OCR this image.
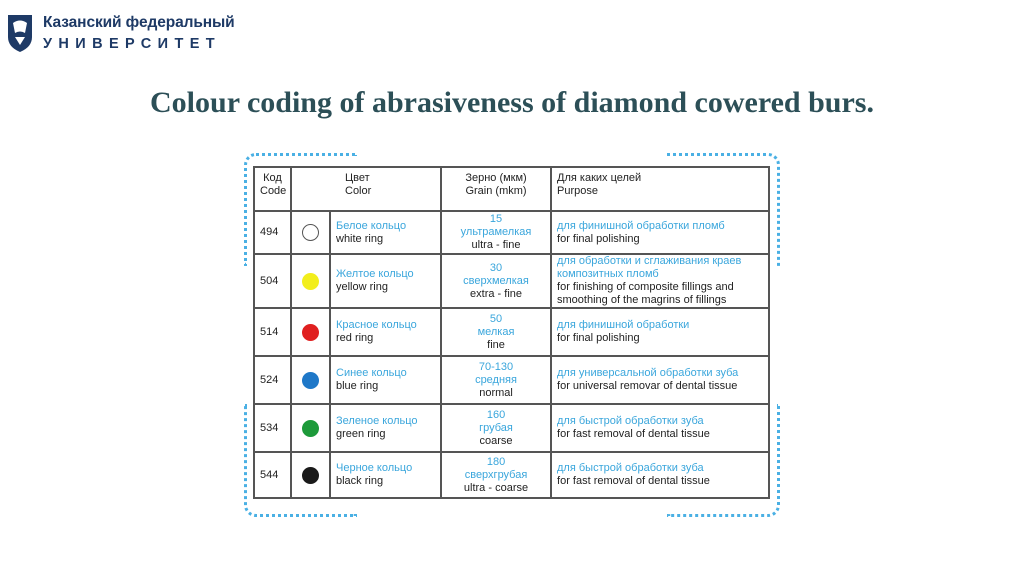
Казанский федеральный
УНИВЕРСИТЕТ
Colour coding of abrasiveness of diamond cowered burs.
Код
Code	Цвет
Color		Зерно (мкм)
Grain (mkm)	Для каких целей
Purpose

494		Белое кольцо
white ring	15
ультрамелкая
ultra - fine	для финишной обработки пломб
for final polishing

504		Желтое кольцо
yellow ring	30
сверхмелкая
extra - fine	для обработки и сглаживания краев композитных пломб
for finishing of composite fillings and smoothing of the magrins of fillings

514		Красное кольцо
red ring	50
мелкая
fine	для финишной обработки
for final polishing

524		Синее кольцо
blue ring	70-130
средняя
normal	для универсальной обработки зуба
for universal removar of dental tissue

534		Зеленое кольцо
green ring	160
грубая
coarse	для быстрой обработки зуба
for fast removal of dental tissue

544		Черное кольцо
black ring	180
сверхгрубая
ultra - coarse	для быстрой обработки зуба
for fast removal of dental tissue
